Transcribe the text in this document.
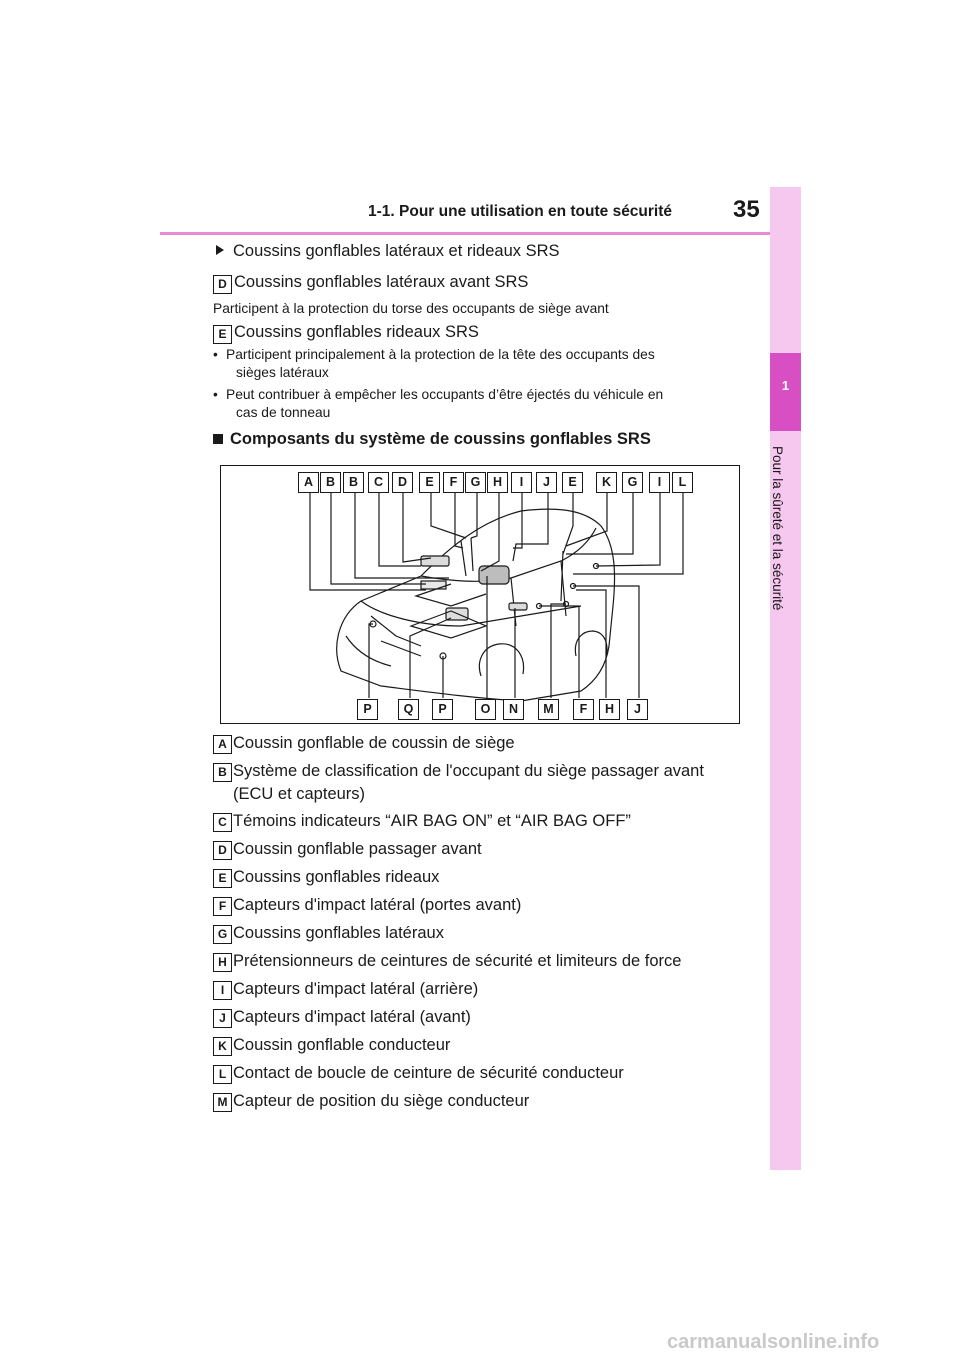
1-1. Pour une utilisation en toute sécurité	35
1
Pour la sûreté et la sécurité
Coussins gonflables latéraux et rideaux SRS
D Coussins gonflables latéraux avant SRS
Participent à la protection du torse des occupants de siège avant
E Coussins gonflables rideaux SRS
• Participent principalement à la protection de la tête des occupants des
sièges latéraux
• Peut contribuer à empêcher les occupants d’être éjectés du véhicule en
cas de tonneau
Composants du système de coussins gonflables SRS
A	B	B	C	D	E	F	G	H	I	J	E	K	G	I	L
P	Q	P	O	N	M	F	H	J
A Coussin gonflable de coussin de siège
B Système de classification de l'occupant du siège passager avant
(ECU et capteurs)
C Témoins indicateurs “AIR BAG ON” et “AIR BAG OFF”
D Coussin gonflable passager avant
E Coussins gonflables rideaux
F Capteurs d'impact latéral (portes avant)
G Coussins gonflables latéraux
H Prétensionneurs de ceintures de sécurité et limiteurs de force
I Capteurs d'impact latéral (arrière)
J Capteurs d'impact latéral (avant)
K Coussin gonflable conducteur
L Contact de boucle de ceinture de sécurité conducteur
M Capteur de position du siège conducteur
carmanualsonline.info
